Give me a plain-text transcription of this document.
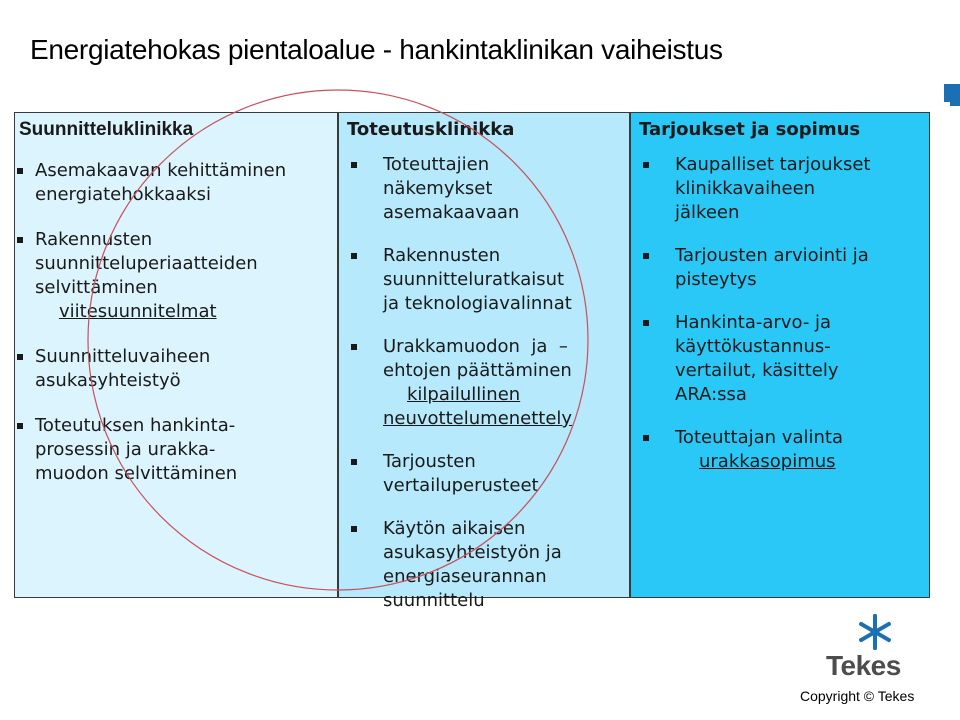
Energiatehokas pientaloalue - hankintaklinikan vaiheistus
Suunnitteluklinikka
Asemakaavan kehittäminen
energiatehokkaaksi
Rakennusten
suunnitteluperiaatteiden
selvittäminen
viitesuunnitelmat
Suunnitteluvaiheen
asukasyhteistyö
Toteutuksen hankinta-
prosessin ja urakka-
muodon selvittäminen
Toteutusklinikka
Toteuttajien
näkemykset
asemakaavaan
Rakennusten
suunnitteluratkaisut
ja teknologiavalinnat
Urakkamuodon  ja  –
ehtojen päättäminen
kilpailullinen
neuvottelumenettely
Tarjousten
vertailuperusteet
Käytön aikaisen
asukasyhteistyön ja
energiaseurannan
suunnittelu
Tarjoukset ja sopimus
Kaupalliset tarjoukset
klinikkavaiheen
jälkeen
Tarjousten arviointi ja
pisteytys
Hankinta-arvo- ja
käyttökustannus-
vertailut, käsittely
ARA:ssa
Toteuttajan valinta
urakkasopimus
Tekes
Copyright © Tekes
